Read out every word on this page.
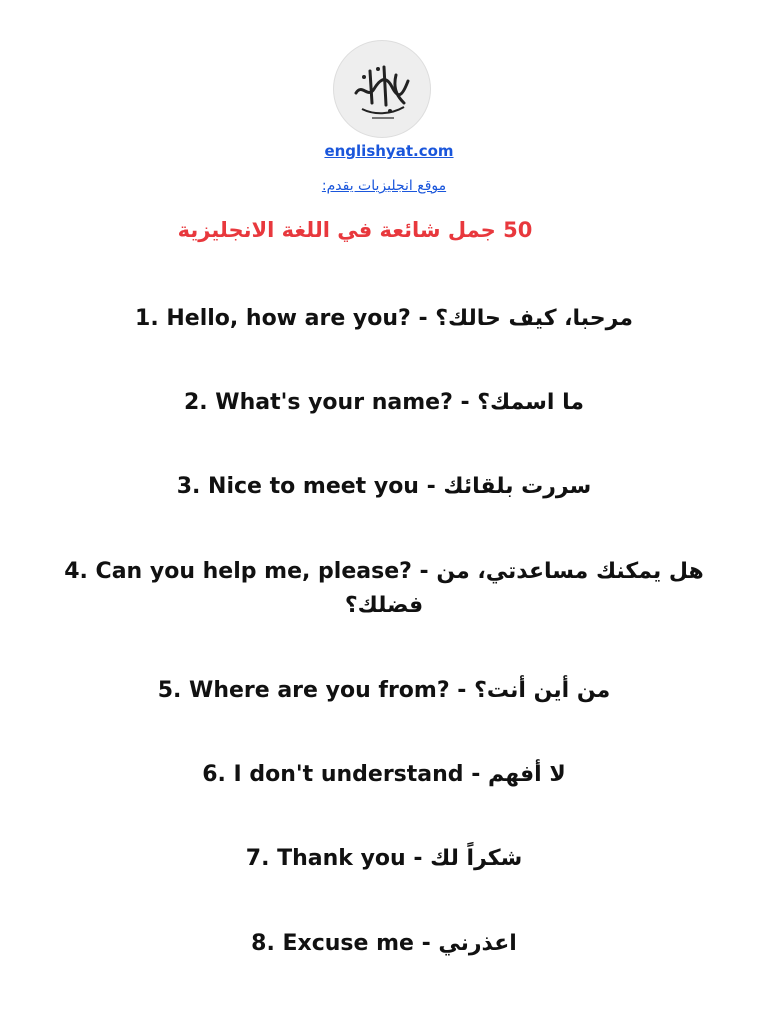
englishyat.com
موقع انجليزيات يقدم:
50 جمل شائعة في اللغة الانجليزية
1. Hello, how are you? - مرحبا، كيف حالك؟
2. What's your name? - ما اسمك؟
3. Nice to meet you - سررت بلقائك
4. Can you help me, please? - هل يمكنك مساعدتي، من فضلك؟
5. Where are you from? - من أين أنت؟
6. I don't understand - لا أفهم
7. Thank you - شكراً لك
8. Excuse me - اعذرني
